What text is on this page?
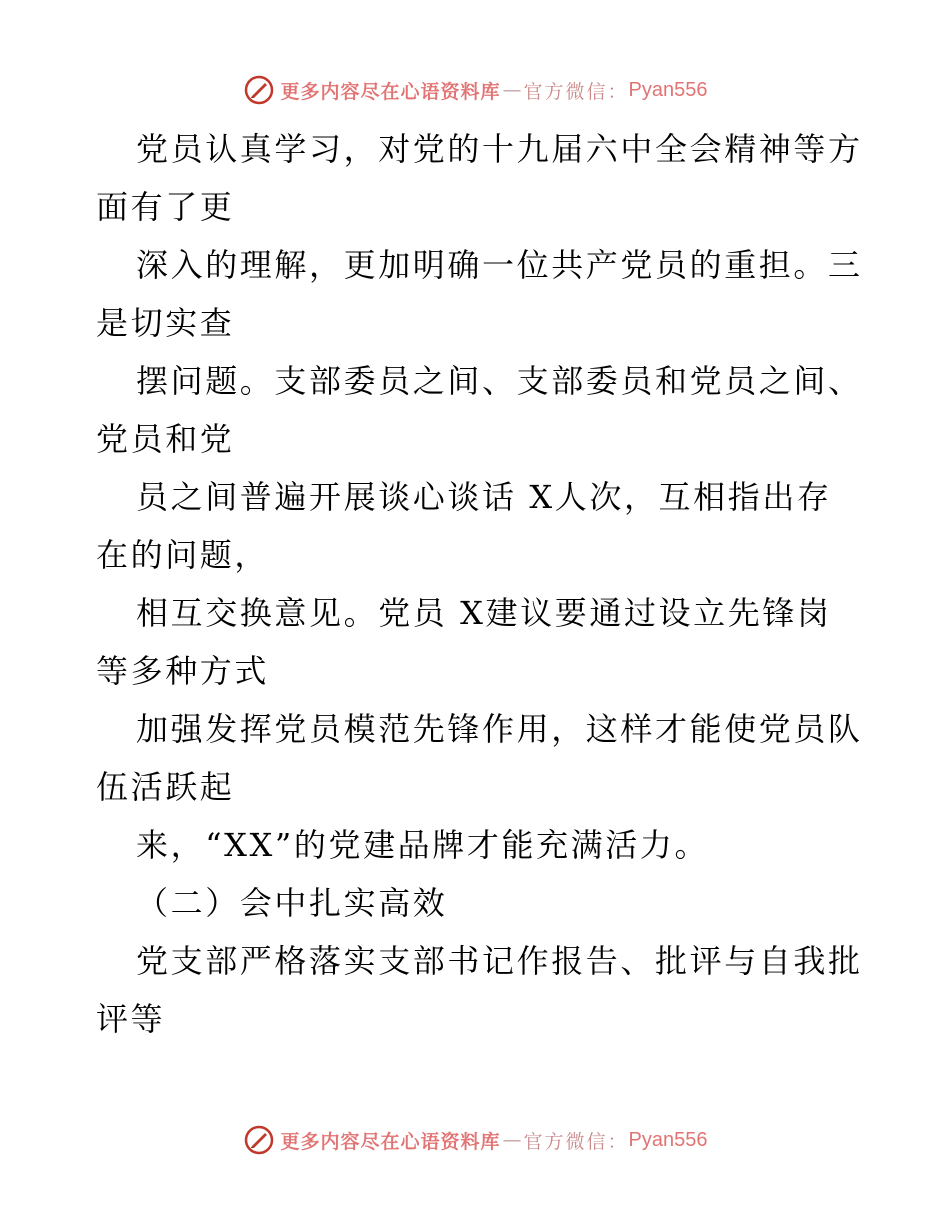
更多内容尽在心语资料库 — 官方微信： Pyan556
党员认真学习，对党的十九届六中全会精神等方
面有了更
深入的理解，更加明确一位共产党员的重担。三
是切实查
摆问题。支部委员之间、支部委员和党员之间、
党员和党
员之间普遍开展谈心谈话 X人次，互相指出存
在的问题，
相互交换意见。党员 X建议要通过设立先锋岗
等多种方式
加强发挥党员模范先锋作用，这样才能使党员队
伍活跃起
来，“XX”的党建品牌才能充满活力。
（二）会中扎实高效
党支部严格落实支部书记作报告、批评与自我批
评等
更多内容尽在心语资料库 — 官方微信： Pyan556
